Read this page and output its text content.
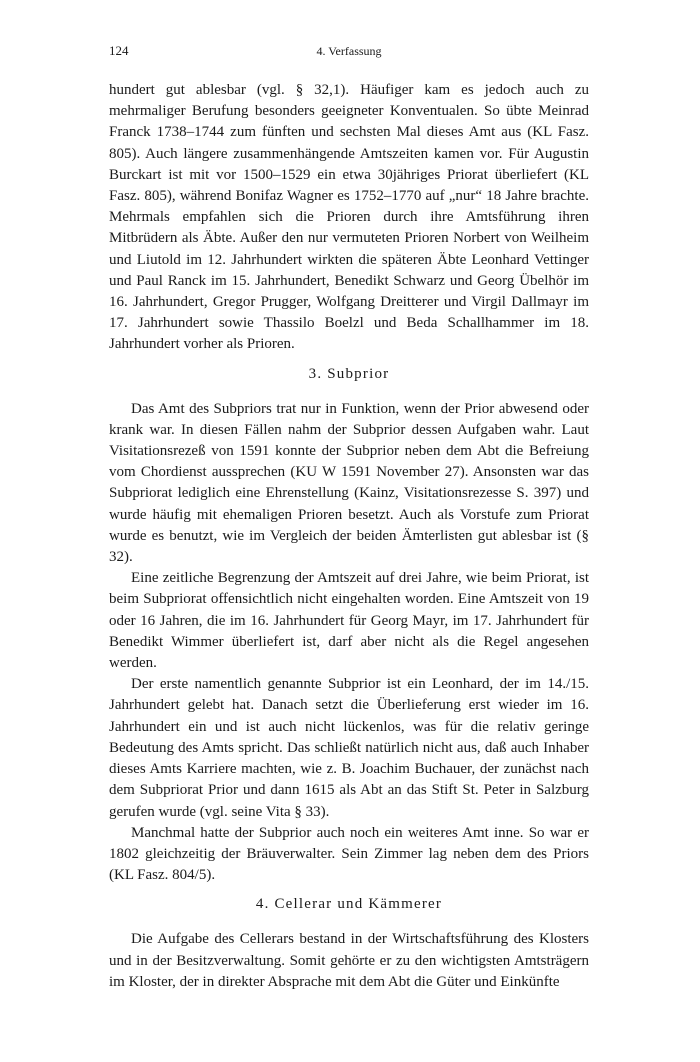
124	4. Verfassung

hundert gut ablesbar (vgl. § 32,1). Häufiger kam es jedoch auch zu mehrmaliger Berufung besonders geeigneter Konventualen. So übte Meinrad Franck 1738–1744 zum fünften und sechsten Mal dieses Amt aus (KL Fasz. 805). Auch längere zusammenhängende Amtszeiten kamen vor. Für Augustin Burckart ist mit vor 1500–1529 ein etwa 30jähriges Priorat überliefert (KL Fasz. 805), während Bonifaz Wagner es 1752–1770 auf „nur“ 18 Jahre brachte. Mehrmals empfahlen sich die Prioren durch ihre Amtsführung ihren Mitbrüdern als Äbte. Außer den nur vermuteten Prioren Norbert von Weilheim und Liutold im 12. Jahrhundert wirkten die späteren Äbte Leonhard Vettinger und Paul Ranck im 15. Jahrhundert, Benedikt Schwarz und Georg Übelhör im 16. Jahrhundert, Gregor Prugger, Wolfgang Dreitterer und Virgil Dallmayr im 17. Jahrhundert sowie Thassilo Boelzl und Beda Schallhammer im 18. Jahrhundert vorher als Prioren.

3. Subprior

Das Amt des Subpriors trat nur in Funktion, wenn der Prior abwesend oder krank war. In diesen Fällen nahm der Subprior dessen Aufgaben wahr. Laut Visitationsrezeß von 1591 konnte der Subprior neben dem Abt die Befreiung vom Chordienst aussprechen (KU W 1591 November 27). Ansonsten war das Subpriorat lediglich eine Ehrenstellung (Kainz, Visitationsrezesse S. 397) und wurde häufig mit ehemaligen Prioren besetzt. Auch als Vorstufe zum Priorat wurde es benutzt, wie im Vergleich der beiden Ämterlisten gut ablesbar ist (§ 32).

Eine zeitliche Begrenzung der Amtszeit auf drei Jahre, wie beim Priorat, ist beim Subpriorat offensichtlich nicht eingehalten worden. Eine Amtszeit von 19 oder 16 Jahren, die im 16. Jahrhundert für Georg Mayr, im 17. Jahrhundert für Benedikt Wimmer überliefert ist, darf aber nicht als die Regel angesehen werden.

Der erste namentlich genannte Subprior ist ein Leonhard, der im 14./15. Jahrhundert gelebt hat. Danach setzt die Überlieferung erst wieder im 16. Jahrhundert ein und ist auch nicht lückenlos, was für die relativ geringe Bedeutung des Amts spricht. Das schließt natürlich nicht aus, daß auch Inhaber dieses Amts Karriere machten, wie z. B. Joachim Buchauer, der zunächst nach dem Subpriorat Prior und dann 1615 als Abt an das Stift St. Peter in Salzburg gerufen wurde (vgl. seine Vita § 33).

Manchmal hatte der Subprior auch noch ein weiteres Amt inne. So war er 1802 gleichzeitig der Bräuverwalter. Sein Zimmer lag neben dem des Priors (KL Fasz. 804/5).

4. Cellerar und Kämmerer

Die Aufgabe des Cellerars bestand in der Wirtschaftsführung des Klosters und in der Besitzverwaltung. Somit gehörte er zu den wichtigsten Amtsträgern im Kloster, der in direkter Absprache mit dem Abt die Güter und Einkünfte
